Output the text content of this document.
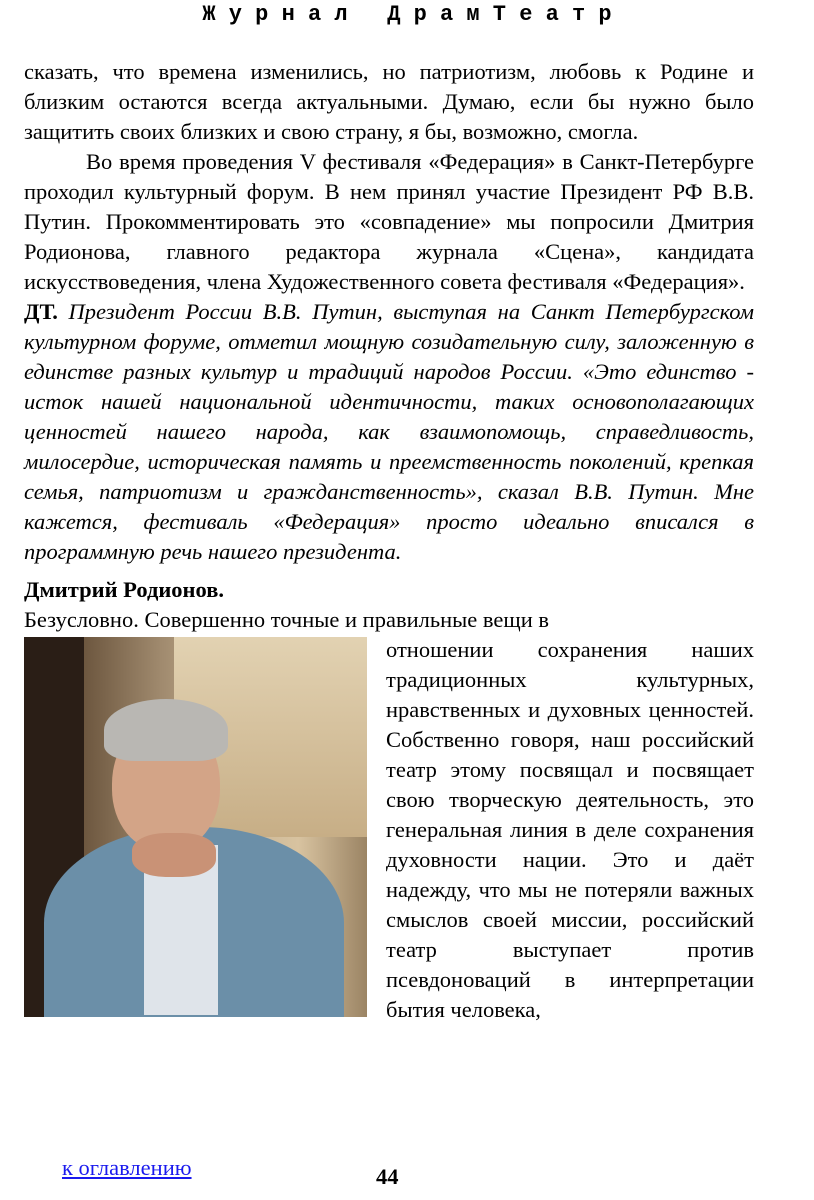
Ж у р н а л   Д р а м Т е а т р

сказать, что времена изменились, но патриотизм, любовь к Родине и близким остаются всегда актуальными. Думаю, если бы нужно было защитить своих близких и свою страну, я бы, возможно, смогла.

Во время проведения V фестиваля «Федерация» в Санкт-Петербурге проходил культурный форум. В нем принял участие Президент РФ В.В. Путин. Прокомментировать это «совпадение» мы попросили Дмитрия Родионова, главного редактора журнала «Сцена», кандидата искусствоведения, члена Художественного совета фестиваля «Федерация».

ДТ. Президент России В.В. Путин, выступая на Санкт Петербургском культурном форуме, отметил мощную созидательную силу, заложенную в единстве разных культур и традиций народов России. «Это единство - исток нашей национальной идентичности, таких основополагающих ценностей нашего народа, как взаимопомощь, справедливость, милосердие, историческая память и преемственность поколений, крепкая семья, патриотизм и гражданственность», сказал В.В. Путин. Мне кажется, фестиваль «Федерация» просто идеально вписался в программную речь нашего президента.

Дмитрий Родионов.

Безусловно. Совершенно точные и правильные вещи в

отношении сохранения наших традиционных культурных, нравственных и духовных ценностей. Собственно говоря, наш российский театр этому посвящал и посвящает свою творческую деятельность, это генеральная линия в деле сохранения духовности нации. Это и даёт надежду, что мы не потеряли важных смыслов своей миссии, российский театр выступает против псевдоноваций в интерпретации бытия человека,

к оглавлению	44
